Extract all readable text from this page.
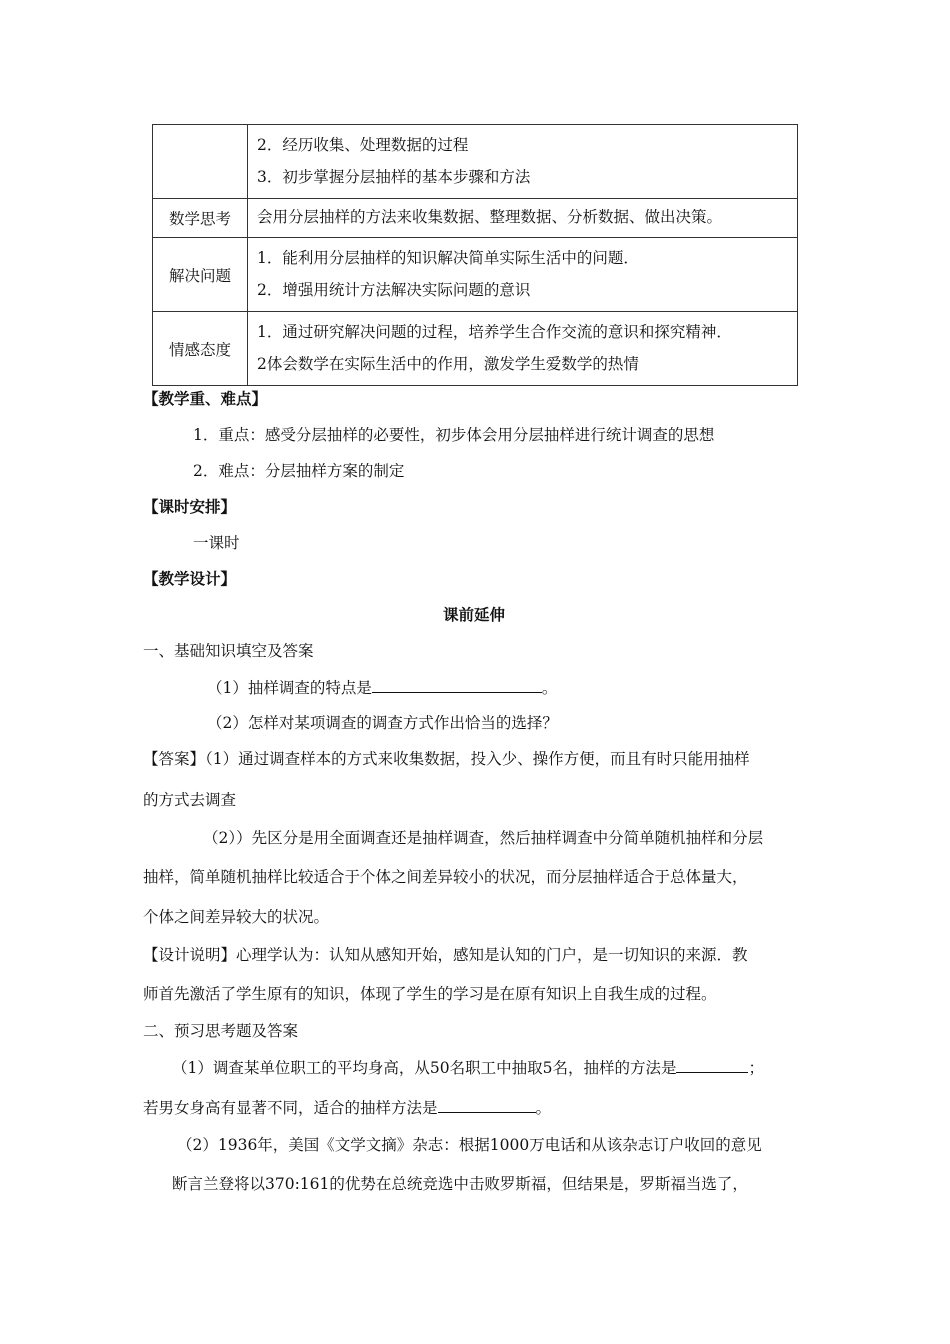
	2．经历收集、处理数据的过程
3．初步掌握分层抽样的基本步骤和方法

数学思考	会用分层抽样的方法来收集数据、整理数据、分析数据、做出决策。

解决问题	1．能利用分层抽样的知识解决简单实际生活中的问题．
2．增强用统计方法解决实际问题的意识

情感态度	1．通过研究解决问题的过程，培养学生合作交流的意识和探究精神．
2体会数学在实际生活中的作用，激发学生爱数学的热情
【教学重、难点】
1．重点：感受分层抽样的必要性，初步体会用分层抽样进行统计调查的思想
2．难点：分层抽样方案的制定
【课时安排】
一课时
【教学设计】
课前延伸
一、基础知识填空及答案
（1）抽样调查的特点是	。
（2）怎样对某项调查的调查方式作出恰当的选择？
【答案】（1）通过调查样本的方式来收集数据，投入少、操作方便，而且有时只能用抽样
的方式去调查
（2））先区分是用全面调查还是抽样调查，然后抽样调查中分简单随机抽样和分层
抽样，简单随机抽样比较适合于个体之间差异较小的状况，而分层抽样适合于总体量大，
个体之间差异较大的状况。
【设计说明】心理学认为：认知从感知开始，感知是认知的门户，是一切知识的来源．教
师首先激活了学生原有的知识，体现了学生的学习是在原有知识上自我生成的过程。
二、预习思考题及答案
（1）调查某单位职工的平均身高，从50名职工中抽取5名，抽样的方法是	；
若男女身高有显著不同，适合的抽样方法是	。
（2）1936年，美国《文学文摘》杂志：根据1000万电话和从该杂志订户收回的意见
断言兰登将以370:161的优势在总统竞选中击败罗斯福，但结果是，罗斯福当选了，
